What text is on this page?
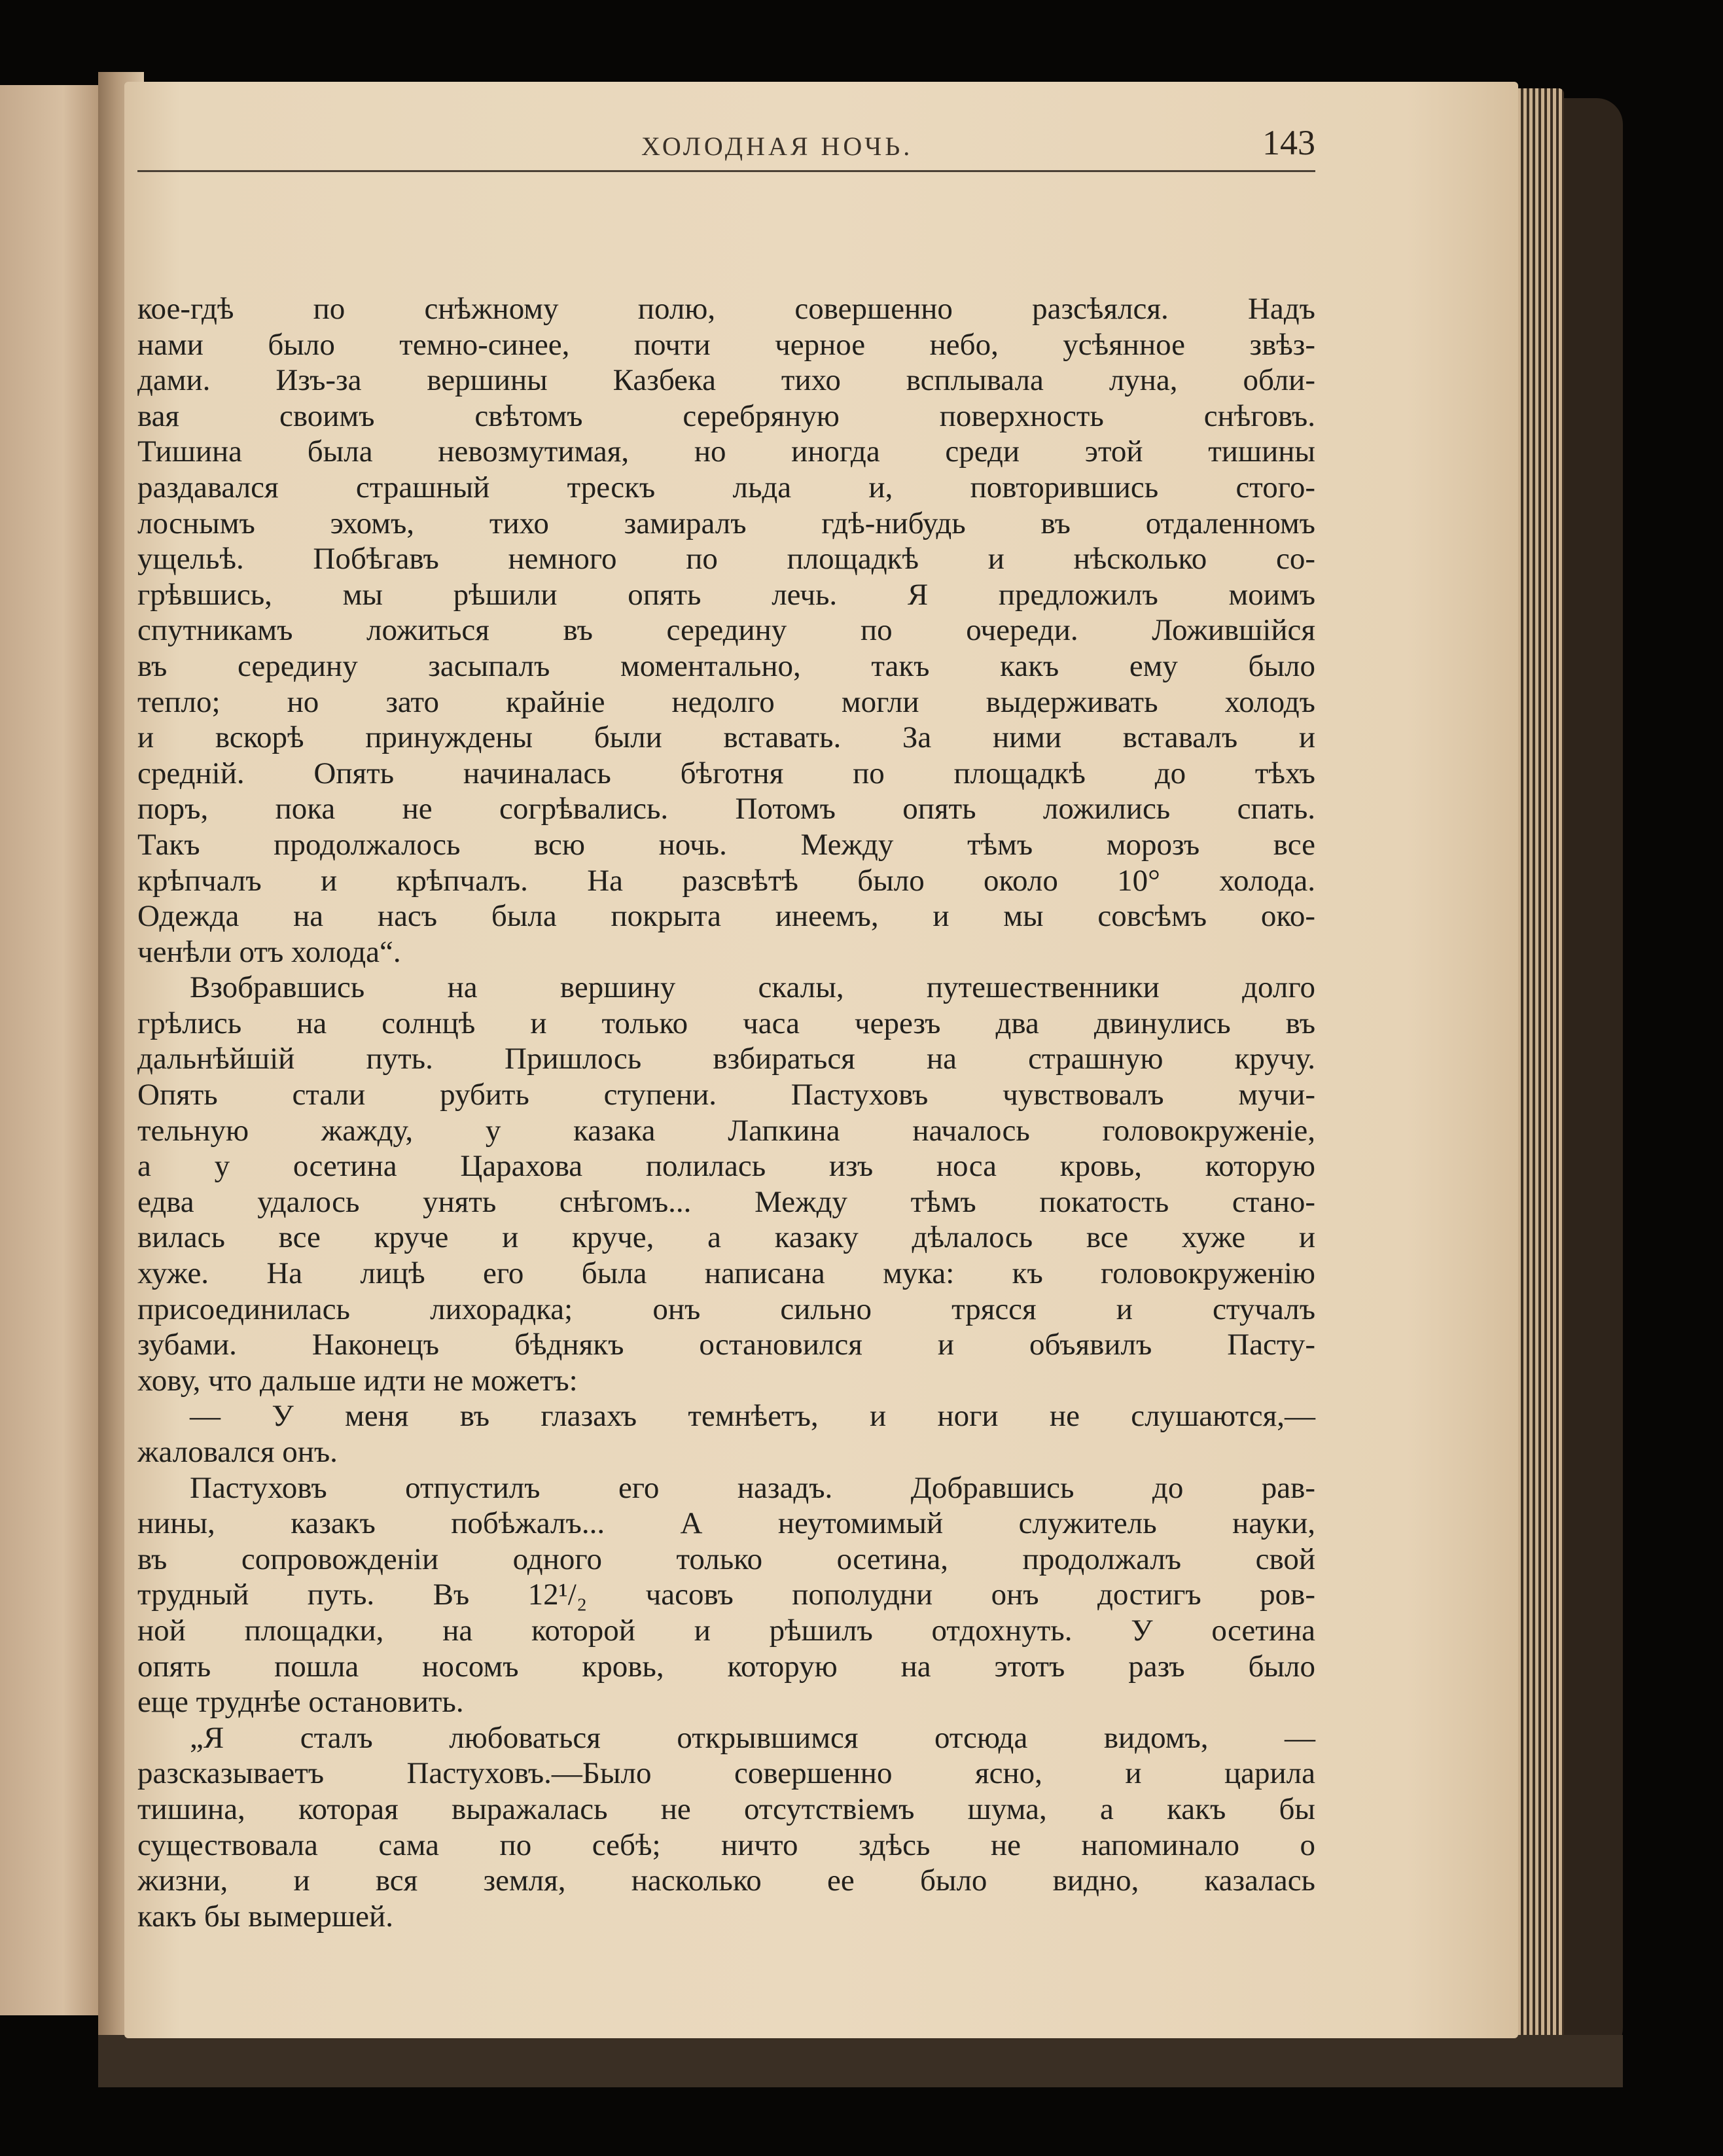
ХОЛОДНАЯ НОЧЬ.	143
кое-гдѣ по снѣжному полю, совершенно разсѣялся. Надъ
нами было темно-синее, почти черное небо, усѣянное звѣз-
дами. Изъ-за вершины Казбека тихо всплывала луна, обли-
вая своимъ свѣтомъ серебряную поверхность снѣговъ.
Тишина была невозмутимая, но иногда среди этой тишины
раздавался страшный трескъ льда и, повторившись стого-
лоснымъ эхомъ, тихо замиралъ гдѣ-нибудь въ отдаленномъ
ущельѣ. Побѣгавъ немного по площадкѣ и нѣсколько со-
грѣвшись, мы рѣшили опять лечь. Я предложилъ моимъ
спутникамъ ложиться въ середину по очереди. Ложившійся
въ середину засыпалъ моментально, такъ какъ ему было
тепло; но зато крайніе недолго могли выдерживать холодъ
и вскорѣ принуждены были вставать. За ними вставалъ и
средній. Опять начиналась бѣготня по площадкѣ до тѣхъ
поръ, пока не согрѣвались. Потомъ опять ложились спать.
Такъ продолжалось всю ночь. Между тѣмъ морозъ все
крѣпчалъ и крѣпчалъ. На разсвѣтѣ было около 10° холода.
Одежда на насъ была покрыта инеемъ, и мы совсѣмъ око-
ченѣли отъ холода“.
Взобравшись на вершину скалы, путешественники долго
грѣлись на солнцѣ и только часа черезъ два двинулись въ
дальнѣйшій путь. Пришлось взбираться на страшную кручу.
Опять стали рубить ступени. Пастуховъ чувствовалъ мучи-
тельную жажду, у казака Лапкина началось головокруженіе,
а у осетина Царахова полилась изъ носа кровь, которую
едва удалось унять снѣгомъ... Между тѣмъ покатость стано-
вилась все круче и круче, а казаку дѣлалось все хуже и
хуже. На лицѣ его была написана мука: къ головокруженію
присоединилась лихорадка; онъ сильно трясся и стучалъ
зубами. Наконецъ бѣднякъ остановился и объявилъ Пасту-
хову, что дальше идти не можетъ:
— У меня въ глазахъ темнѣетъ, и ноги не слушаются,—
жаловался онъ.
Пастуховъ отпустилъ его назадъ. Добравшись до рав-
нины, казакъ побѣжалъ... А неутомимый служитель науки,
въ сопровожденіи одного только осетина, продолжалъ свой
трудный путь. Въ 12¹/₂ часовъ пополудни онъ достигъ ров-
ной площадки, на которой и рѣшилъ отдохнуть. У осетина
опять пошла носомъ кровь, которую на этотъ разъ было
еще труднѣе остановить.
„Я сталъ любоваться открывшимся отсюда видомъ, —
разсказываетъ Пастуховъ.—Было совершенно ясно, и царила
тишина, которая выражалась не отсутствіемъ шума, а какъ бы
существовала сама по себѣ; ничто здѣсь не напоминало о
жизни, и вся земля, насколько ее было видно, казалась
какъ бы вымершей.
